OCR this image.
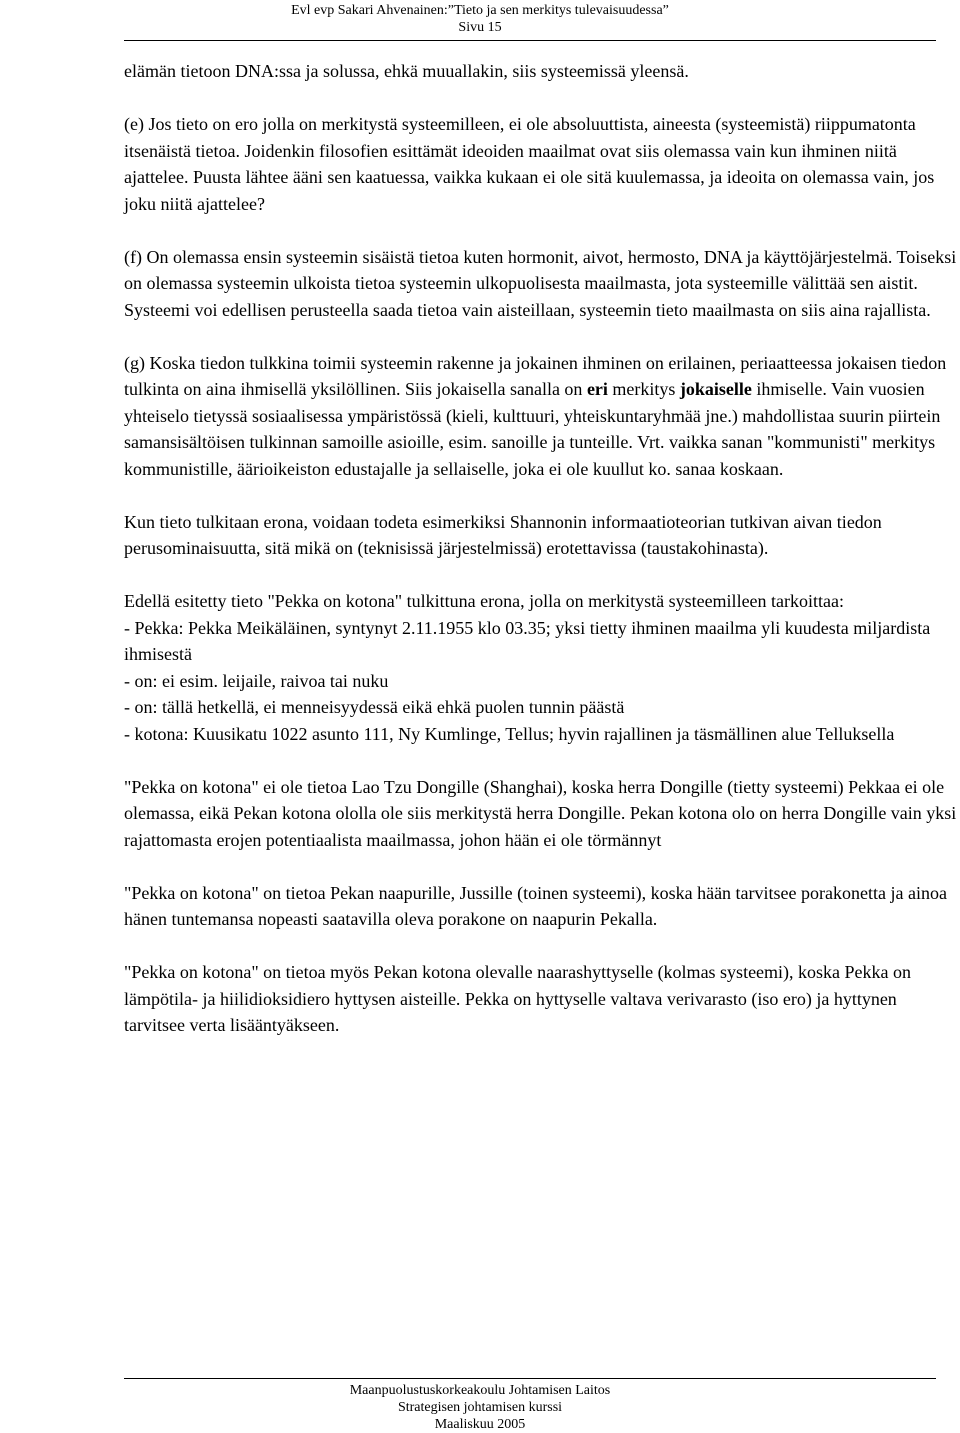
Evl evp Sakari Ahvenainen:”Tieto ja sen merkitys tulevaisuudessa”
Sivu 15

elämän tietoon DNA:ssa ja solussa, ehkä muuallakin, siis systeemissä yleensä.

(e) Jos tieto on ero jolla on merkitystä systeemilleen, ei ole absoluuttista, aineesta (systeemistä) riippumatonta itsenäistä tietoa. Joidenkin filosofien esittämät ideoiden maailmat ovat siis olemassa vain kun ihminen niitä ajattelee. Puusta lähtee ääni sen kaatuessa, vaikka kukaan ei ole sitä kuulemassa, ja ideoita on olemassa vain, jos joku niitä ajattelee?

(f) On olemassa ensin systeemin sisäistä tietoa kuten hormonit, aivot, hermosto, DNA ja käyttöjärjestelmä. Toiseksi on olemassa systeemin ulkoista tietoa systeemin ulkopuolisesta maailmasta, jota systeemille välittää sen aistit. Systeemi voi edellisen perusteella saada tietoa vain aisteillaan, systeemin tieto maailmasta on siis aina rajallista.

(g) Koska tiedon tulkkina toimii systeemin rakenne ja jokainen ihminen on erilainen, periaatteessa jokaisen tiedon tulkinta on aina ihmisellä yksilöllinen. Siis jokaisella sanalla on eri merkitys jokaiselle ihmiselle. Vain vuosien yhteiselo tietyssä sosiaalisessa ympäristössä (kieli, kulttuuri, yhteiskuntaryhmää jne.) mahdollistaa suurin piirtein samansisältöisen tulkinnan samoille asioille, esim. sanoille ja tunteille. Vrt. vaikka sanan "kommunisti" merkitys kommunistille, äärioikeiston edustajalle ja sellaiselle, joka ei ole kuullut ko. sanaa koskaan.

Kun tieto tulkitaan erona, voidaan todeta esimerkiksi Shannonin informaatioteorian tutkivan aivan tiedon perusominaisuutta, sitä mikä on (teknisissä järjestelmissä) erotettavissa (taustakohinasta).

Edellä esitetty tieto "Pekka on kotona" tulkittuna erona, jolla on merkitystä systeemilleen tarkoittaa:
- Pekka: Pekka Meikäläinen, syntynyt 2.11.1955 klo 03.35; yksi tietty ihminen maailma yli kuudesta miljardista ihmisestä
- on: ei esim. leijaile, raivoa tai nuku
- on: tällä hetkellä, ei menneisyydessä eikä ehkä puolen tunnin päästä
- kotona: Kuusikatu 1022 asunto 111, Ny Kumlinge, Tellus; hyvin rajallinen ja täsmällinen alue Telluksella

"Pekka on kotona" ei ole tietoa Lao Tzu Dongille (Shanghai), koska herra Dongille (tietty systeemi) Pekkaa ei ole olemassa, eikä Pekan kotona ololla ole siis merkitystä herra Dongille. Pekan kotona olo on herra Dongille vain yksi rajattomasta erojen potentiaalista maailmassa, johon hään ei ole törmännyt

"Pekka on kotona" on tietoa Pekan naapurille, Jussille (toinen systeemi), koska hään tarvitsee porakonetta ja ainoa hänen tuntemansa nopeasti saatavilla oleva porakone on naapurin Pekalla.

"Pekka on kotona" on tietoa myös Pekan kotona olevalle naarashyttyselle (kolmas systeemi), koska Pekka on lämpötila- ja hiilidioksidiero hyttysen aisteille. Pekka on hyttyselle valtava verivarasto (iso ero) ja hyttynen tarvitsee verta lisääntyäkseen.

Maanpuolustuskorkeakoulu Johtamisen Laitos
Strategisen johtamisen kurssi
Maaliskuu 2005
